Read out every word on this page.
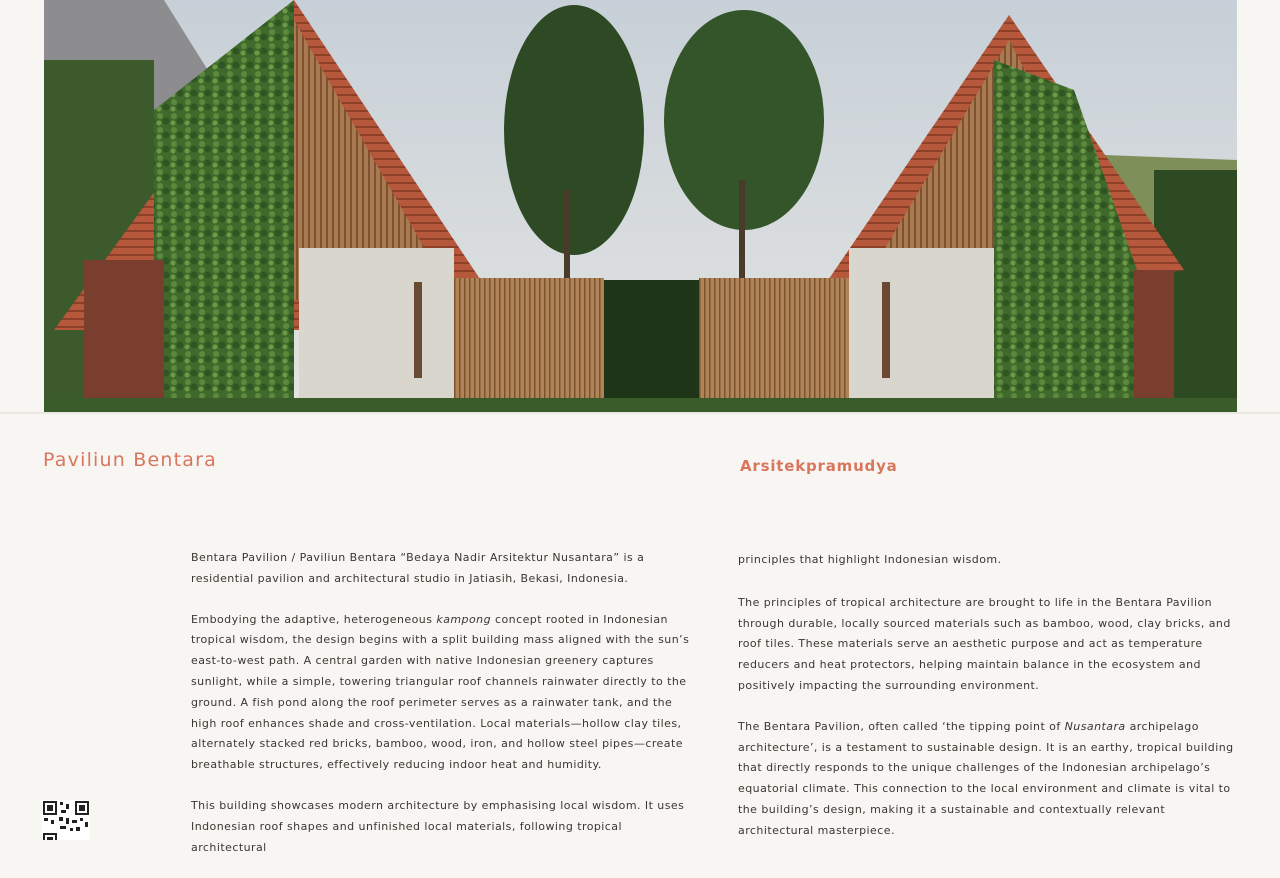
Paviliun Bentara	Arsitekpramudya

Bentara Pavilion / Paviliun Bentara “Bedaya Nadir Arsitektur Nusantara” is a residential pavilion and architectural studio in Jatiasih, Bekasi, Indonesia.

Embodying the adaptive, heterogeneous kampong concept rooted in Indonesian tropical wisdom, the design begins with a split building mass aligned with the sun’s east-to-west path. A central garden with native Indonesian greenery captures sunlight, while a simple, towering triangular roof channels rainwater directly to the ground. A fish pond along the roof perimeter serves as a rainwater tank, and the high roof enhances shade and cross-ventilation. Local materials—hollow clay tiles, alternately stacked red bricks, bamboo, wood, iron, and hollow steel pipes—create breathable structures, effectively reducing indoor heat and humidity.

This building showcases modern architecture by emphasising local wisdom. It uses Indonesian roof shapes and unfinished local materials, following tropical architectural

principles that highlight Indonesian wisdom.

The principles of tropical architecture are brought to life in the Bentara Pavilion through durable, locally sourced materials such as bamboo, wood, clay bricks, and roof tiles. These materials serve an aesthetic purpose and act as temperature reducers and heat protectors, helping maintain balance in the ecosystem and positively impacting the surrounding environment.

The Bentara Pavilion, often called ‘the tipping point of Nusantara archipelago architecture’, is a testament to sustainable design. It is an earthy, tropical building that directly responds to the unique challenges of the Indonesian archipelago’s equatorial climate. This connection to the local environment and climate is vital to the building’s design, making it a sustainable and contextually relevant architectural masterpiece.
